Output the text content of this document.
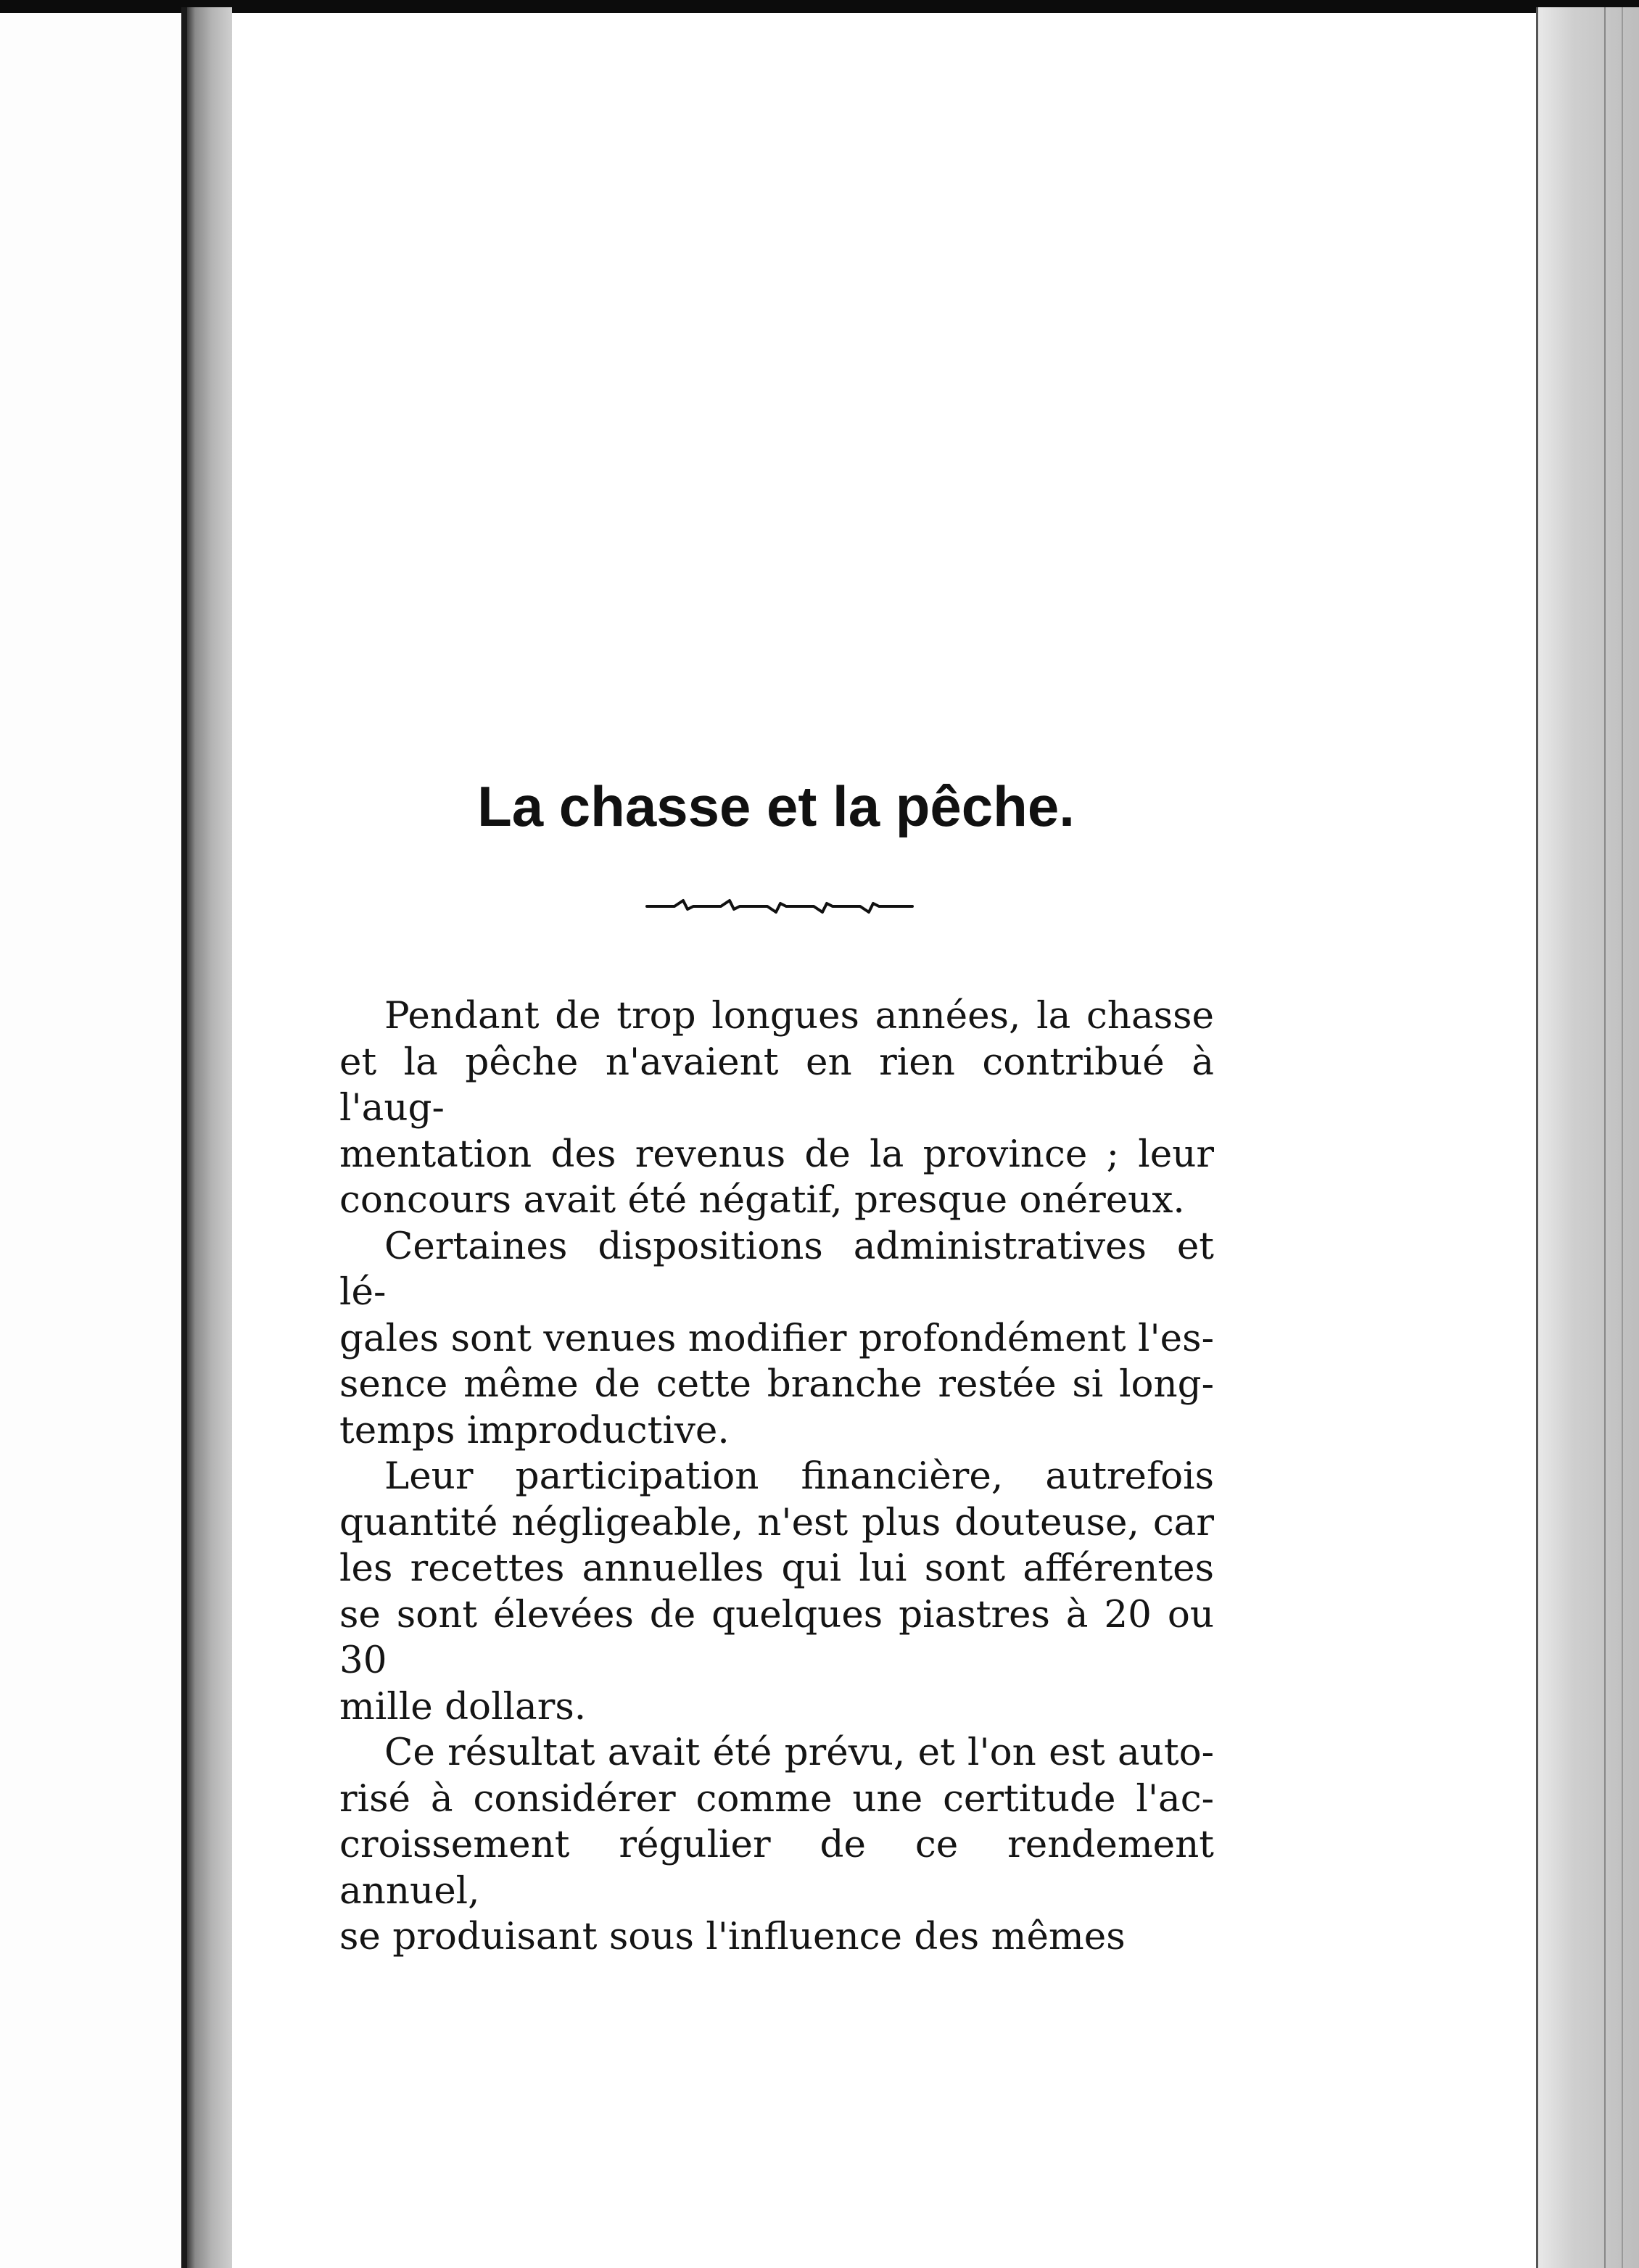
La chasse et la pêche.
Pendant de trop longues années, la chasse
et la pêche n'avaient en rien contribué à l'aug-
mentation des revenus de la province ; leur
concours avait été négatif, presque onéreux.
Certaines dispositions administratives et lé-
gales sont venues modifier profondément l'es-
sence même de cette branche restée si long-
temps improductive.
Leur participation financière, autrefois
quantité négligeable, n'est plus douteuse, car
les recettes annuelles qui lui sont afférentes
se sont élevées de quelques piastres à 20 ou 30
mille dollars.
Ce résultat avait été prévu, et l'on est auto-
risé à considérer comme une certitude l'ac-
croissement régulier de ce rendement annuel,
se produisant sous l'influence des mêmes
